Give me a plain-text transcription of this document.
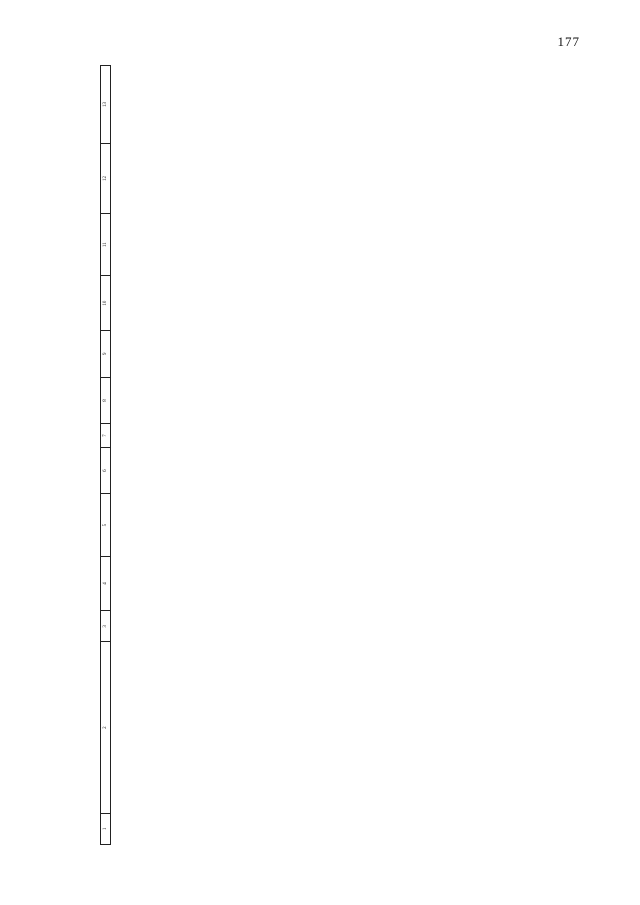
177
1	2	3	4	5	6	7	8	9	10	11	12	13
